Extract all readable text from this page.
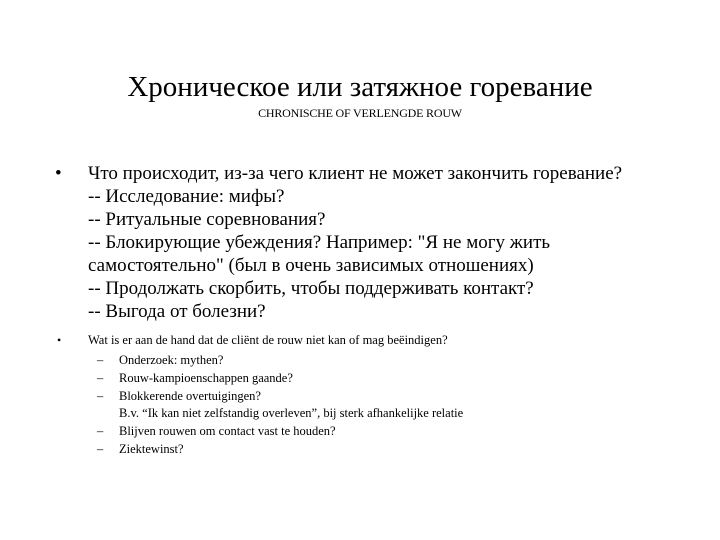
Хроническое или затяжное горевание
CHRONISCHE OF VERLENGDE ROUW
• Что происходит, из-за чего клиент не может закончить горевание?
-- Исследование: мифы?
-- Ритуальные соревнования?
-- Блокирующие убеждения? Например: "Я не могу жить
самостоятельно" (был в очень зависимых отношениях)
-- Продолжать скорбить, чтобы поддерживать контакт?
-- Выгода от болезни?
• Wat is er aan de hand dat de cliënt de rouw niet kan of mag beëindigen?
– Onderzoek: mythen?
– Rouw-kampioenschappen gaande?
– Blokkerende overtuigingen?
B.v. “Ik kan niet zelfstandig overleven”, bij sterk afhankelijke relatie
– Blijven rouwen om contact vast te houden?
– Ziektewinst?
